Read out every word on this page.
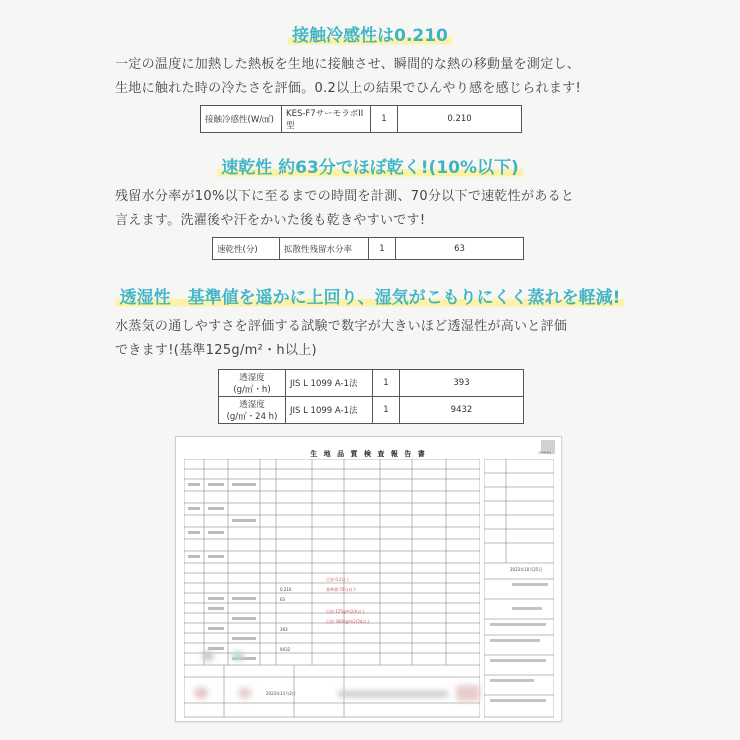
接触冷感性は0.210
一定の温度に加熱した熱板を生地に接触させ、瞬間的な熱の移動量を測定し、
生地に触れた時の冷たさを評価。0.2以上の結果でひんやり感を感じられます!
接触冷感性(W/㎠)	KES-F7サーモラボII型	1	0.210
速乾性 約63分でほぼ乾く!(10%以下)
残留水分率が10%以下に至るまでの時間を計測、70分以下で速乾性があると
言えます。洗濯後や汗をかいた後も乾きやすいです!
速乾性(分)	拡散性残留水分率	1	63
透湿性　基準値を遥かに上回り、湿気がこもりにくく蒸れを軽減!
水蒸気の通しやすさを評価する試験で数字が大きいほど透湿性が高いと評価
できます!(基準125g/m²・h以上)
透湿度
(g/㎡・h)	JIS L 1099 A-1法	1	393

透湿度
(g/㎡・24 h)	JIS L 1099 A-1法	1	9432
生 地 品 質 検 査 報 告 書	(****/*)
0.210
63
393
9432
目安:0.2以上
基準値:70分以下
目安:125g/m2/h以上
目安:3000g/m2/24以上
2023年10月25日
2023年11月2日
